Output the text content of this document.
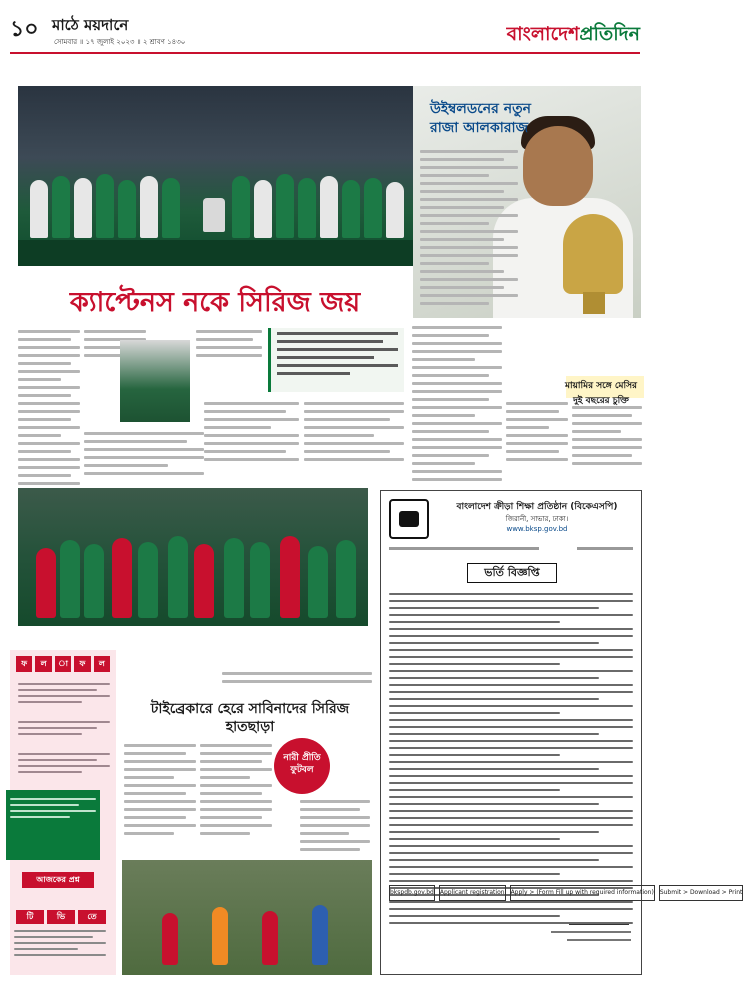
১০ মাঠে ময়দানে
সোমবার ॥ ১৭ জুলাই ২০২৩ ॥ ২ শ্রাবণ ১৪৩০	বাংলাদেশপ্রতিদিন
উইম্বলডনের নতুন রাজা আলকারাজ
ক্যাপ্টেনস নকে সিরিজ জয়
মায়ামির সঙ্গে মেসির দুই বছরের চুক্তি
ফ	ল	া	ফ	ল
আজকের প্রশ্ন
টি	ভি	তে
টাইব্রেকারে হেরে সাবিনাদের সিরিজ হাতছাড়া
নারী প্রীতি ফুটবল
বাংলাদেশ ক্রীড়া শিক্ষা প্রতিষ্ঠান (বিকেএসপি)
জিরানী, সাভার, ঢাকা।
www.bksp.gov.bd
ভর্তি বিজ্ঞপ্তি
bkspdb.gov.bd Applicant registration Apply > (Form Fill up with required information) Submit > Download > Print
